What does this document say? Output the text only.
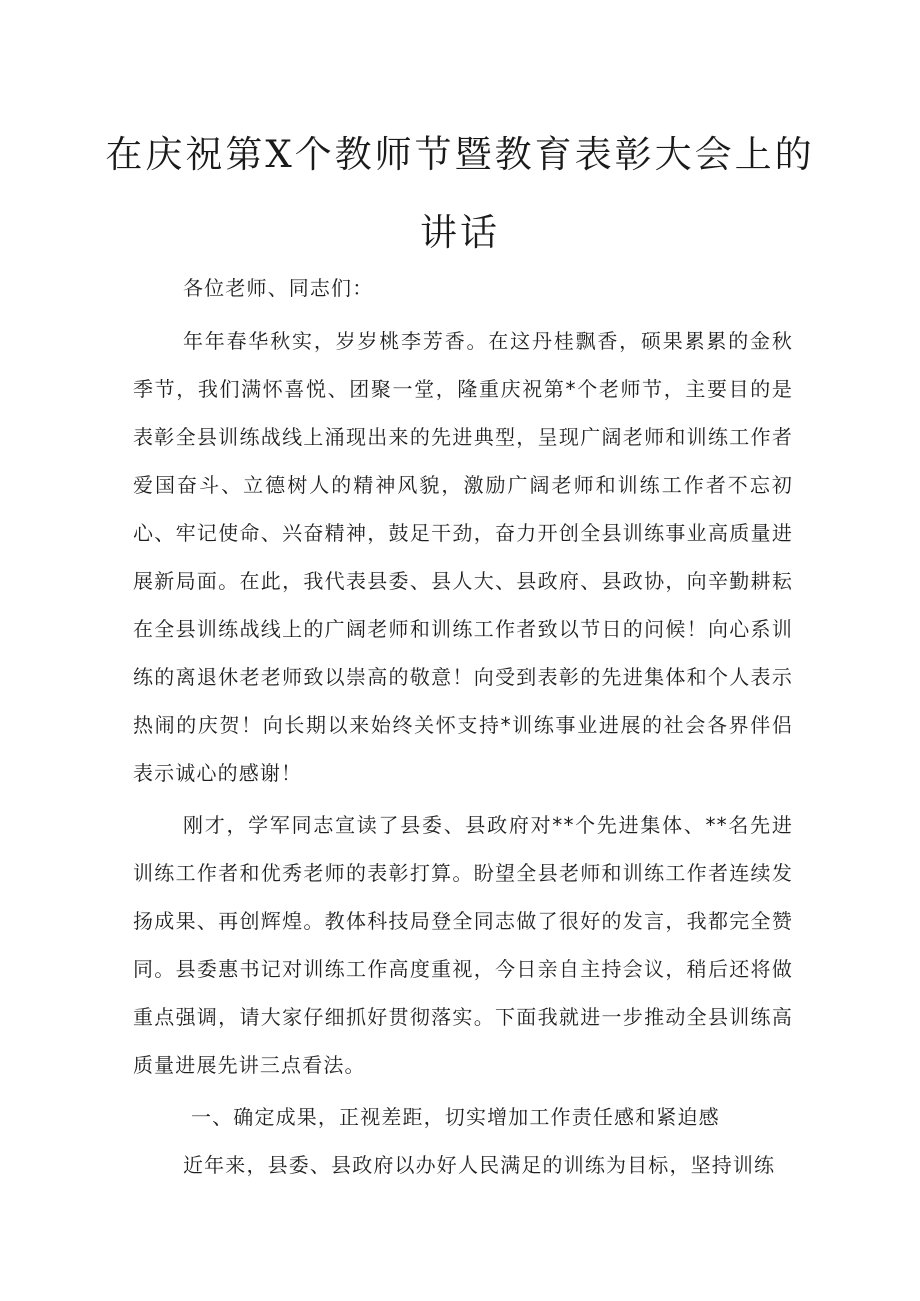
在庆祝第X个教师节暨教育表彰大会上的
讲话

各位老师、同志们：

年年春华秋实，岁岁桃李芳香。在这丹桂飘香，硕果累累的金秋季节，我们满怀喜悦、团聚一堂，隆重庆祝第*个老师节，主要目的是表彰全县训练战线上涌现出来的先进典型，呈现广阔老师和训练工作者爱国奋斗、立德树人的精神风貌，激励广阔老师和训练工作者不忘初心、牢记使命、兴奋精神，鼓足干劲，奋力开创全县训练事业高质量进展新局面。在此，我代表县委、县人大、县政府、县政协，向辛勤耕耘在全县训练战线上的广阔老师和训练工作者致以节日的问候！向心系训练的离退休老老师致以崇高的敬意！向受到表彰的先进集体和个人表示热闹的庆贺！向长期以来始终关怀支持*训练事业进展的社会各界伴侣表示诚心的感谢！

刚才，学军同志宣读了县委、县政府对**个先进集体、**名先进训练工作者和优秀老师的表彰打算。盼望全县老师和训练工作者连续发扬成果、再创辉煌。教体科技局登全同志做了很好的发言，我都完全赞同。县委惠书记对训练工作高度重视，今日亲自主持会议，稍后还将做重点强调，请大家仔细抓好贯彻落实。下面我就进一步推动全县训练高质量进展先讲三点看法。

一、确定成果，正视差距，切实增加工作责任感和紧迫感

近年来，县委、县政府以办好人民满足的训练为目标，坚持训练
